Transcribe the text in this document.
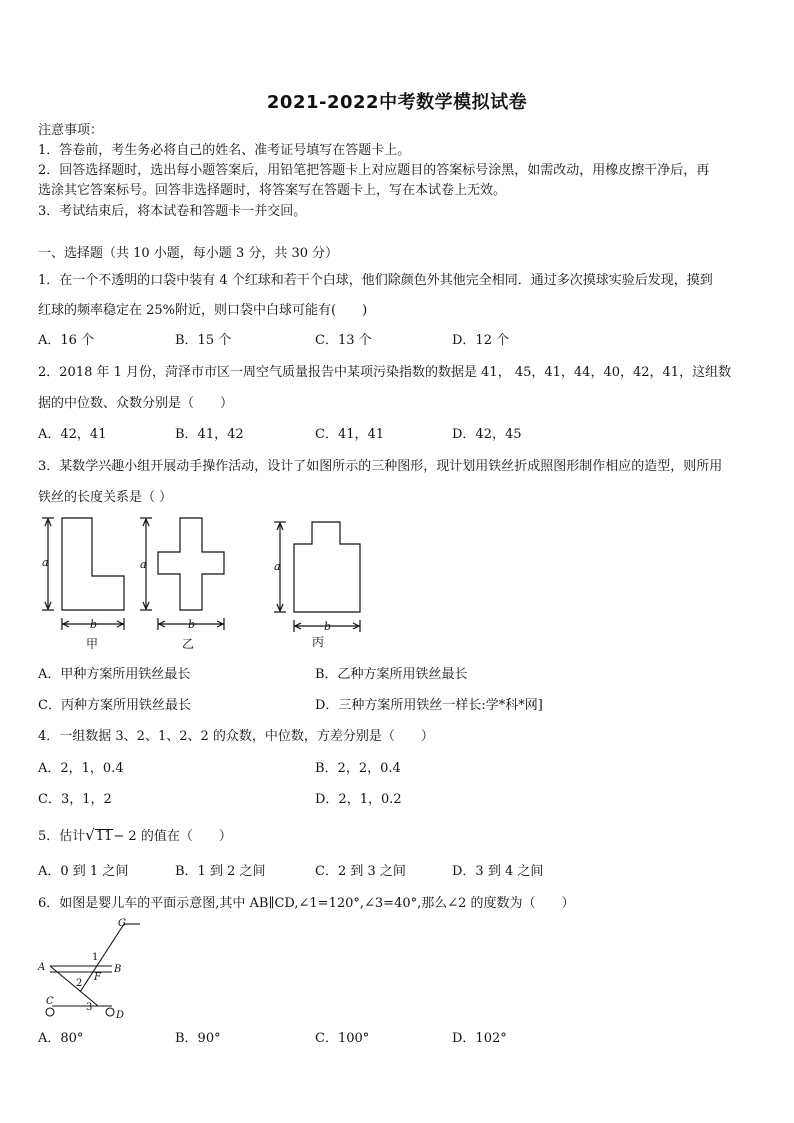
2021-2022中考数学模拟试卷
注意事项：
1．答卷前，考生务必将自己的姓名、准考证号填写在答题卡上。
2．回答选择题时，选出每小题答案后，用铅笔把答题卡上对应题目的答案标号涂黑，如需改动，用橡皮擦干净后，再
选涂其它答案标号。回答非选择题时，将答案写在答题卡上，写在本试卷上无效。
3．考试结束后，将本试卷和答题卡一并交回。
一、选择题（共 10 小题，每小题 3 分，共 30 分）
1．在一个不透明的口袋中装有 4 个红球和若干个白球，他们除颜色外其他完全相同．通过多次摸球实验后发现，摸到
红球的频率稳定在 25%附近，则口袋中白球可能有(　　)
A．16 个	B．15 个	C．13 个	D．12 个
2．2018 年 1 月份，菏泽市市区一周空气质量报告中某项污染指数的数据是 41， 45，41，44，40，42，41，这组数
据的中位数、众数分别是（　　）
A．42，41	B．41，42	C．41，41	D．42，45
3．某数学兴趣小组开展动手操作活动，设计了如图所示的三种图形，现计划用铁丝折成照图形制作相应的造型，则所用
铁丝的长度关系是（ ）
a
b
a
b
a
b
甲	乙	丙
A．甲种方案所用铁丝最长	B．乙种方案所用铁丝最长
C．丙种方案所用铁丝最长	D．三种方案所用铁丝一样长:学*科*网]
4．一组数据 3、2、1、2、2 的众数，中位数，方差分别是（　　）
A．2，1，0.4	B．2，2，0.4
C．3，1，2	D．2，1，0.2
5．估计√11− 2 的值在（　　）
A．0 到 1 之间	B．1 到 2 之间	C．2 到 3 之间	D．3 到 4 之间
6．如图是婴儿车的平面示意图,其中 AB∥CD,∠1=120°,∠3=40°,那么∠2 的度数为（　　）
G
A	B
F
C
D
1
2
3
A．80°	B．90°	C．100°	D．102°
